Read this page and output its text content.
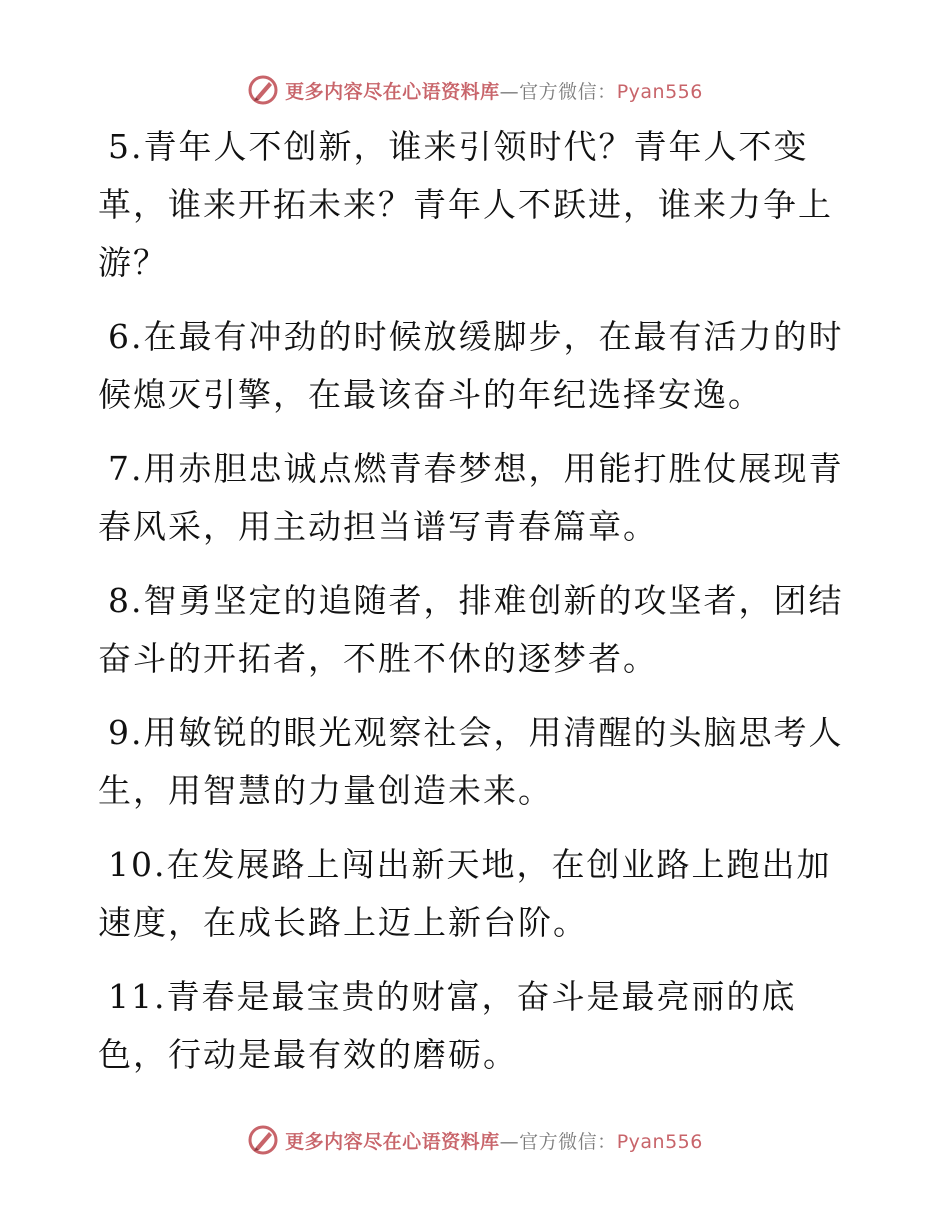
更多内容尽在心语资料库—官方微信：Pyan556

5.青年人不创新，谁来引领时代？青年人不变革，谁来开拓未来？青年人不跃进，谁来力争上游？

6.在最有冲劲的时候放缓脚步，在最有活力的时候熄灭引擎，在最该奋斗的年纪选择安逸。

7.用赤胆忠诚点燃青春梦想，用能打胜仗展现青春风采，用主动担当谱写青春篇章。

8.智勇坚定的追随者，排难创新的攻坚者，团结奋斗的开拓者，不胜不休的逐梦者。

9.用敏锐的眼光观察社会，用清醒的头脑思考人生，用智慧的力量创造未来。

10.在发展路上闯出新天地，在创业路上跑出加速度，在成长路上迈上新台阶。

11.青春是最宝贵的财富，奋斗是最亮丽的底色，行动是最有效的磨砺。

更多内容尽在心语资料库—官方微信：Pyan556
